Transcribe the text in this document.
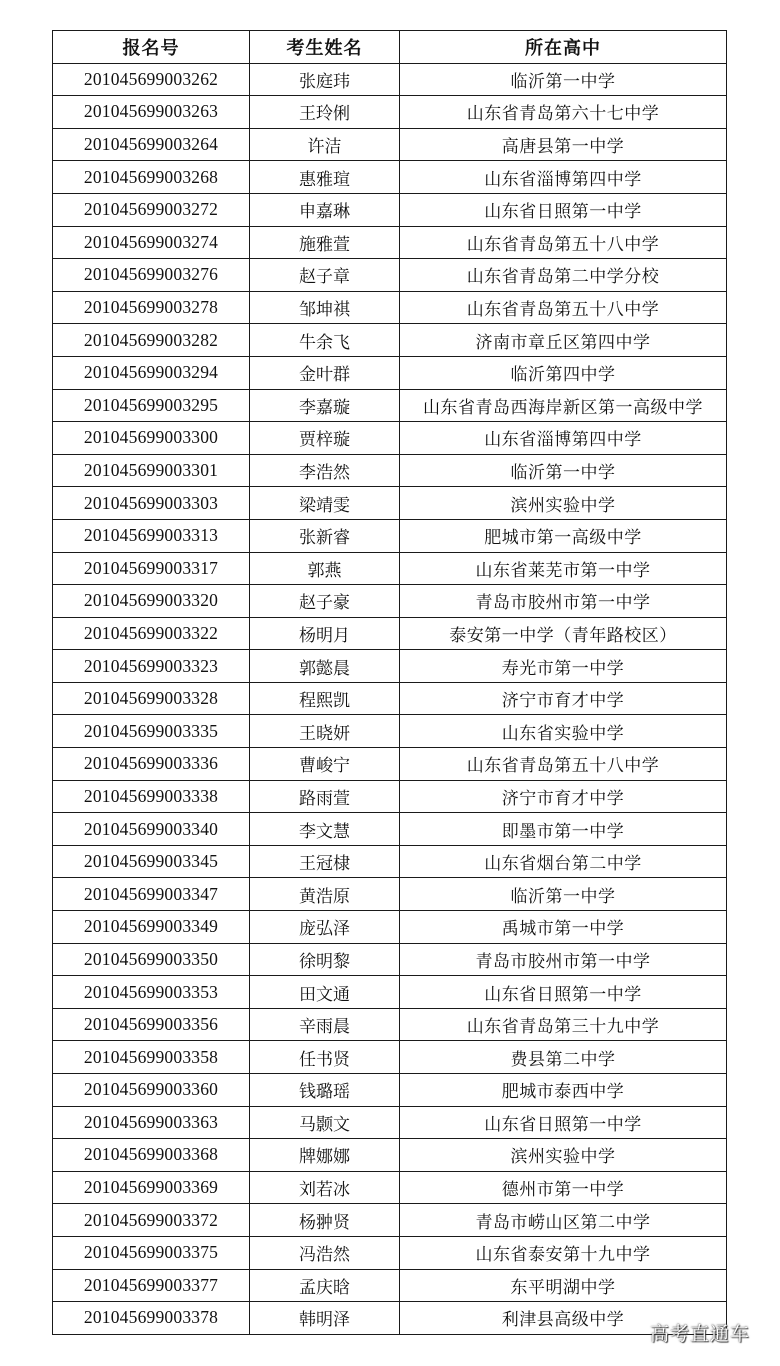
报名号	考生姓名	所在高中
201045699003262	张庭玮	临沂第一中学
201045699003263	王玲俐	山东省青岛第六十七中学
201045699003264	许洁	高唐县第一中学
201045699003268	惠雅瑄	山东省淄博第四中学
201045699003272	申嘉琳	山东省日照第一中学
201045699003274	施雅萱	山东省青岛第五十八中学
201045699003276	赵子章	山东省青岛第二中学分校
201045699003278	邹坤祺	山东省青岛第五十八中学
201045699003282	牛余飞	济南市章丘区第四中学
201045699003294	金叶群	临沂第四中学
201045699003295	李嘉璇	山东省青岛西海岸新区第一高级中学
201045699003300	贾梓璇	山东省淄博第四中学
201045699003301	李浩然	临沂第一中学
201045699003303	梁靖雯	滨州实验中学
201045699003313	张新睿	肥城市第一高级中学
201045699003317	郭燕	山东省莱芜市第一中学
201045699003320	赵子豪	青岛市胶州市第一中学
201045699003322	杨明月	泰安第一中学（青年路校区）
201045699003323	郭懿晨	寿光市第一中学
201045699003328	程熙凯	济宁市育才中学
201045699003335	王晓妍	山东省实验中学
201045699003336	曹峻宁	山东省青岛第五十八中学
201045699003338	路雨萱	济宁市育才中学
201045699003340	李文慧	即墨市第一中学
201045699003345	王冠棣	山东省烟台第二中学
201045699003347	黄浩原	临沂第一中学
201045699003349	庞弘泽	禹城市第一中学
201045699003350	徐明黎	青岛市胶州市第一中学
201045699003353	田文通	山东省日照第一中学
201045699003356	辛雨晨	山东省青岛第三十九中学
201045699003358	任书贤	费县第二中学
201045699003360	钱璐瑶	肥城市泰西中学
201045699003363	马颢文	山东省日照第一中学
201045699003368	牌娜娜	滨州实验中学
201045699003369	刘若冰	德州市第一中学
201045699003372	杨翀贤	青岛市崂山区第二中学
201045699003375	冯浩然	山东省泰安第十九中学
201045699003377	孟庆晗	东平明湖中学
201045699003378	韩明泽	利津县高级中学
高考直通车
